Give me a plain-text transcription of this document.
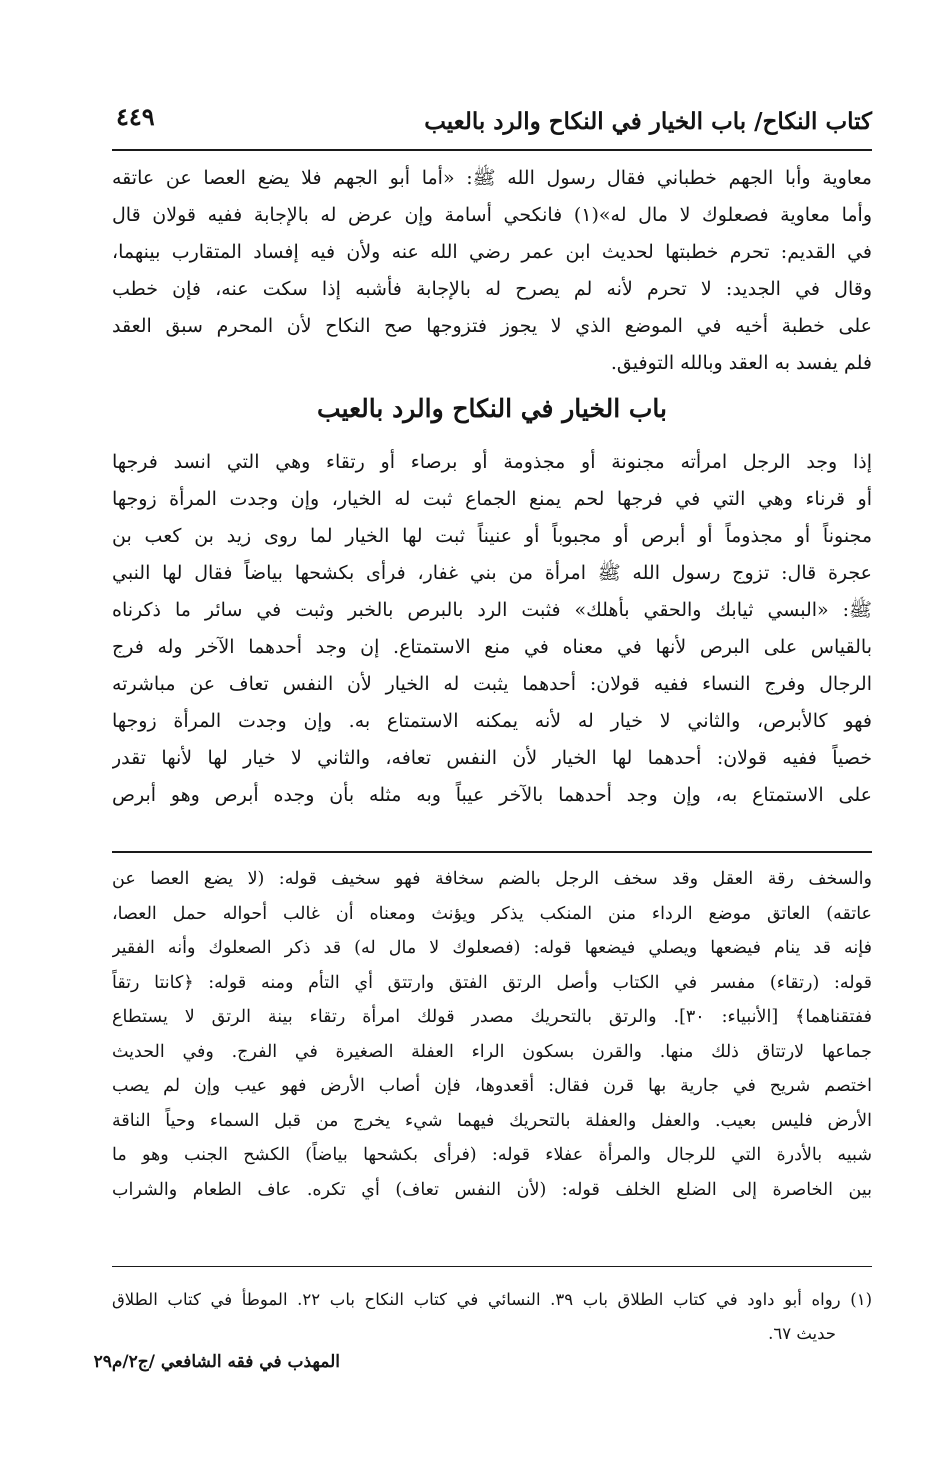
كتاب النكاح/ باب الخيار في النكاح والرد بالعيب
٤٤٩
معاوية وأبا الجهم خطباني فقال رسول الله ﷺ: «أما أبو الجهم فلا يضع العصا عن عاتقه
وأما معاوية فصعلوك لا مال له»(١) فانكحي أسامة وإن عرض له بالإجابة ففيه قولان قال
في القديم: تحرم خطبتها لحديث ابن عمر رضي الله عنه ولأن فيه إفساد المتقارب بينهما،
وقال في الجديد: لا تحرم لأنه لم يصرح له بالإجابة فأشبه إذا سكت عنه، فإن خطب
على خطبة أخيه في الموضع الذي لا يجوز فتزوجها صح النكاح لأن المحرم سبق العقد
فلم يفسد به العقد وبالله التوفيق.
باب الخيار في النكاح والرد بالعيب
إذا وجد الرجل امرأته مجنونة أو مجذومة أو برصاء أو رتقاء وهي التي انسد فرجها
أو قرناء وهي التي في فرجها لحم يمنع الجماع ثبت له الخيار، وإن وجدت المرأة زوجها
مجنوناً أو مجذوماً أو أبرص أو مجبوباً أو عنيناً ثبت لها الخيار لما روى زيد بن كعب بن
عجرة قال: تزوج رسول الله ﷺ امرأة من بني غفار، فرأى بكشحها بياضاً فقال لها النبي
ﷺ: «البسي ثيابك والحقي بأهلك» فثبت الرد بالبرص بالخبر وثبت في سائر ما ذكرناه
بالقياس على البرص لأنها في معناه في منع الاستمتاع. إن وجد أحدهما الآخر وله فرج
الرجال وفرج النساء ففيه قولان: أحدهما يثبت له الخيار لأن النفس تعاف عن مباشرته
فهو كالأبرص، والثاني لا خيار له لأنه يمكنه الاستمتاع به. وإن وجدت المرأة زوجها
خصياً ففيه قولان: أحدهما لها الخيار لأن النفس تعافه، والثاني لا خيار لها لأنها تقدر
على الاستمتاع به، وإن وجد أحدهما بالآخر عيباً وبه مثله بأن وجده أبرص وهو أبرص
والسخف رقة العقل وقد سخف الرجل بالضم سخافة فهو سخيف قوله: (لا يضع العصا عن
عاتقه) العاتق موضع الرداء منن المنكب يذكر ويؤنث ومعناه أن غالب أحواله حمل العصا،
فإنه قد ينام فيضعها ويصلي فيضعها قوله: (فصعلوك لا مال له) قد ذكر الصعلوك وأنه الفقير
قوله: (رتقاء) مفسر في الكتاب وأصل الرتق الفتق وارتتق أي التأم ومنه قوله: ﴿كانتا رتقاً
ففتقناهما﴾ [الأنبياء: ٣٠]. والرتق بالتحريك مصدر قولك امرأة رتقاء بينة الرتق لا يستطاع
جماعها لارتتاق ذلك منها. والقرن بسكون الراء العفلة الصغيرة في الفرج. وفي الحديث
اختصم شريح في جارية بها قرن فقال: أقعدوها، فإن أصاب الأرض فهو عيب وإن لم يصب
الأرض فليس بعيب. والعفل والعفلة بالتحريك فيهما شيء يخرج من قبل السماء وحياً الناقة
شبيه بالأدرة التي للرجال والمرأة عفلاء قوله: (فرأى بكشحها بياضاً) الكشح الجنب وهو ما
بين الخاصرة إلى الضلع الخلف قوله: (لأن النفس تعاف) أي تكره. عاف الطعام والشراب
(١) رواه أبو داود في كتاب الطلاق باب ٣٩. النسائي في كتاب النكاح باب ٢٢. الموطأ في كتاب الطلاق
حديث ٦٧.
المهذب في فقه الشافعي /ج٢/م٢٩
